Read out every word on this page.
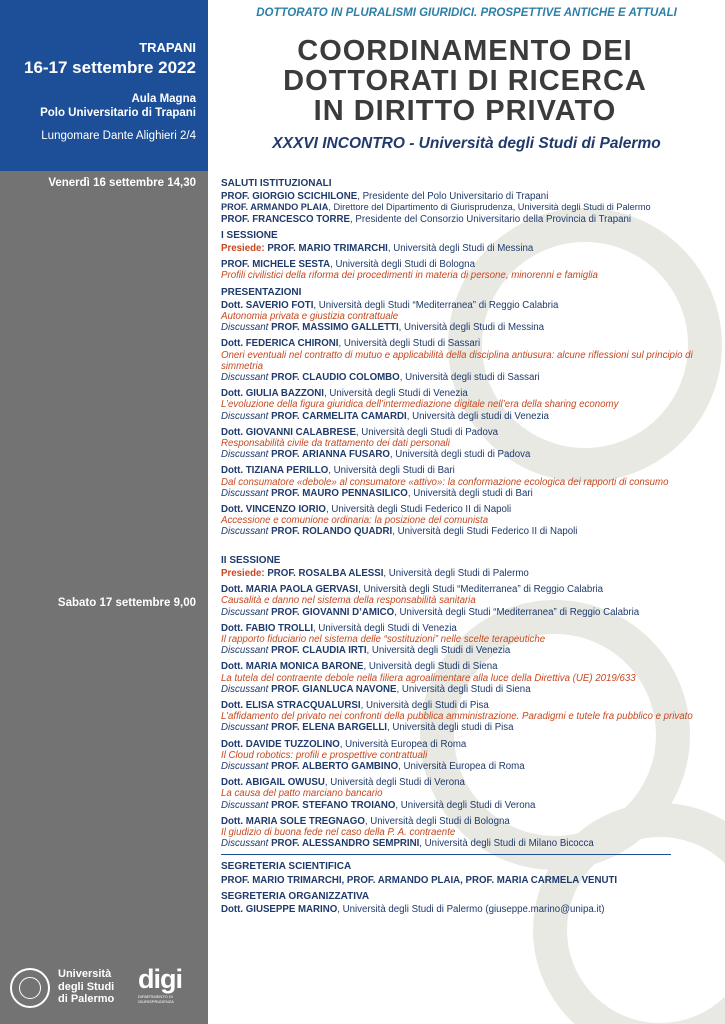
TRAPANI
16-17 settembre 2022
Aula Magna
Polo Universitario di Trapani
Lungomare Dante Alighieri 2/4
Venerdì 16 settembre 14,30
Sabato 17 settembre 9,00
Università
degli Studi
di Palermo
digi
DIPARTIMENTO DI GIURISPRUDENZA
DOTTORATO IN PLURALISMI GIURIDICI. PROSPETTIVE ANTICHE E ATTUALI
COORDINAMENTO DEI
DOTTORATI DI RICERCA
IN DIRITTO PRIVATO
XXXVI INCONTRO - Università degli Studi di Palermo
SALUTI ISTITUZIONALI
PROF. GIORGIO SCICHILONE, Presidente del Polo Universitario di Trapani
PROF. ARMANDO PLAIA, Direttore del Dipartimento di Giurisprudenza, Università degli Studi di Palermo
PROF. FRANCESCO TORRE, Presidente del Consorzio Universitario della Provincia di Trapani
I SESSIONE
Presiede: PROF. MARIO TRIMARCHI, Università degli Studi di Messina
PROF. MICHELE SESTA, Università degli Studi di Bologna
Profili civilistici della riforma dei procedimenti in materia di persone, minorenni e famiglia
PRESENTAZIONI
Dott. SAVERIO FOTI, Università degli Studi “Mediterranea” di Reggio Calabria
Autonomia privata e giustizia contrattuale
Discussant PROF. MASSIMO GALLETTI, Università degli Studi di Messina
Dott. FEDERICA CHIRONI, Università degli Studi di Sassari
Oneri eventuali nel contratto di mutuo e applicabilità della disciplina antiusura: alcune riflessioni sul principio di simmetria
Discussant PROF. CLAUDIO COLOMBO, Università degli studi di Sassari
Dott. GIULIA BAZZONI, Università degli Studi di Venezia
L’evoluzione della figura giuridica dell’intermediazione digitale nell’era della sharing economy
Discussant PROF. CARMELITA CAMARDI, Università degli studi di Venezia
Dott. GIOVANNI CALABRESE, Università degli Studi di Padova
Responsabilità civile da trattamento dei dati personali
Discussant PROF. ARIANNA FUSARO, Università degli studi di Padova
Dott. TIZIANA PERILLO, Università degli Studi di Bari
Dal consumatore «debole» al consumatore «attivo»: la conformazione ecologica dei rapporti di consumo
Discussant PROF. MAURO PENNASILICO, Università degli studi di Bari
Dott. VINCENZO IORIO, Università degli Studi Federico II di Napoli
Accessione e comunione ordinaria: la posizione del comunista
Discussant PROF. ROLANDO QUADRI, Università degli Studi Federico II di Napoli
II SESSIONE
Presiede: PROF. ROSALBA ALESSI, Università degli Studi di Palermo
Dott. MARIA PAOLA GERVASI, Università degli Studi “Mediterranea” di Reggio Calabria
Causalità e danno nel sistema della responsabilità sanitaria
Discussant PROF. GIOVANNI D’AMICO, Università degli Studi “Mediterranea” di Reggio Calabria
Dott. FABIO TROLLI, Università degli Studi di Venezia
Il rapporto fiduciario nel sistema delle “sostituzioni” nelle scelte terapeutiche
Discussant PROF. CLAUDIA IRTI, Università degli Studi di Venezia
Dott. MARIA MONICA BARONE, Università degli Studi di Siena
La tutela del contraente debole nella filiera agroalimentare alla luce della Direttiva (UE) 2019/633
Discussant PROF. GIANLUCA NAVONE, Università degli Studi di Siena
Dott. ELISA STRACQUALURSI, Università degli Studi di Pisa
L’affidamento del privato nei confronti della pubblica amministrazione. Paradigmi e tutele fra pubblico e privato
Discussant PROF. ELENA BARGELLI, Università degli studi di Pisa
Dott. DAVIDE TUZZOLINO, Università Europea di Roma
Il Cloud robotics: profili e prospettive contrattuali
Discussant PROF. ALBERTO GAMBINO, Università Europea di Roma
Dott. ABIGAIL OWUSU, Università degli Studi di Verona
La causa del patto marciano bancario
Discussant PROF. STEFANO TROIANO, Università degli Studi di Verona
Dott. MARIA SOLE TREGNAGO, Università degli Studi di Bologna
Il giudizio di buona fede nel caso della P. A. contraente
Discussant PROF. ALESSANDRO SEMPRINI, Università degli Studi di Milano Bicocca
SEGRETERIA SCIENTIFICA
PROF. MARIO TRIMARCHI, PROF. ARMANDO PLAIA, PROF. MARIA CARMELA VENUTI
SEGRETERIA ORGANIZZATIVA
Dott. GIUSEPPE MARINO, Università degli Studi di Palermo (giuseppe.marino@unipa.it)
